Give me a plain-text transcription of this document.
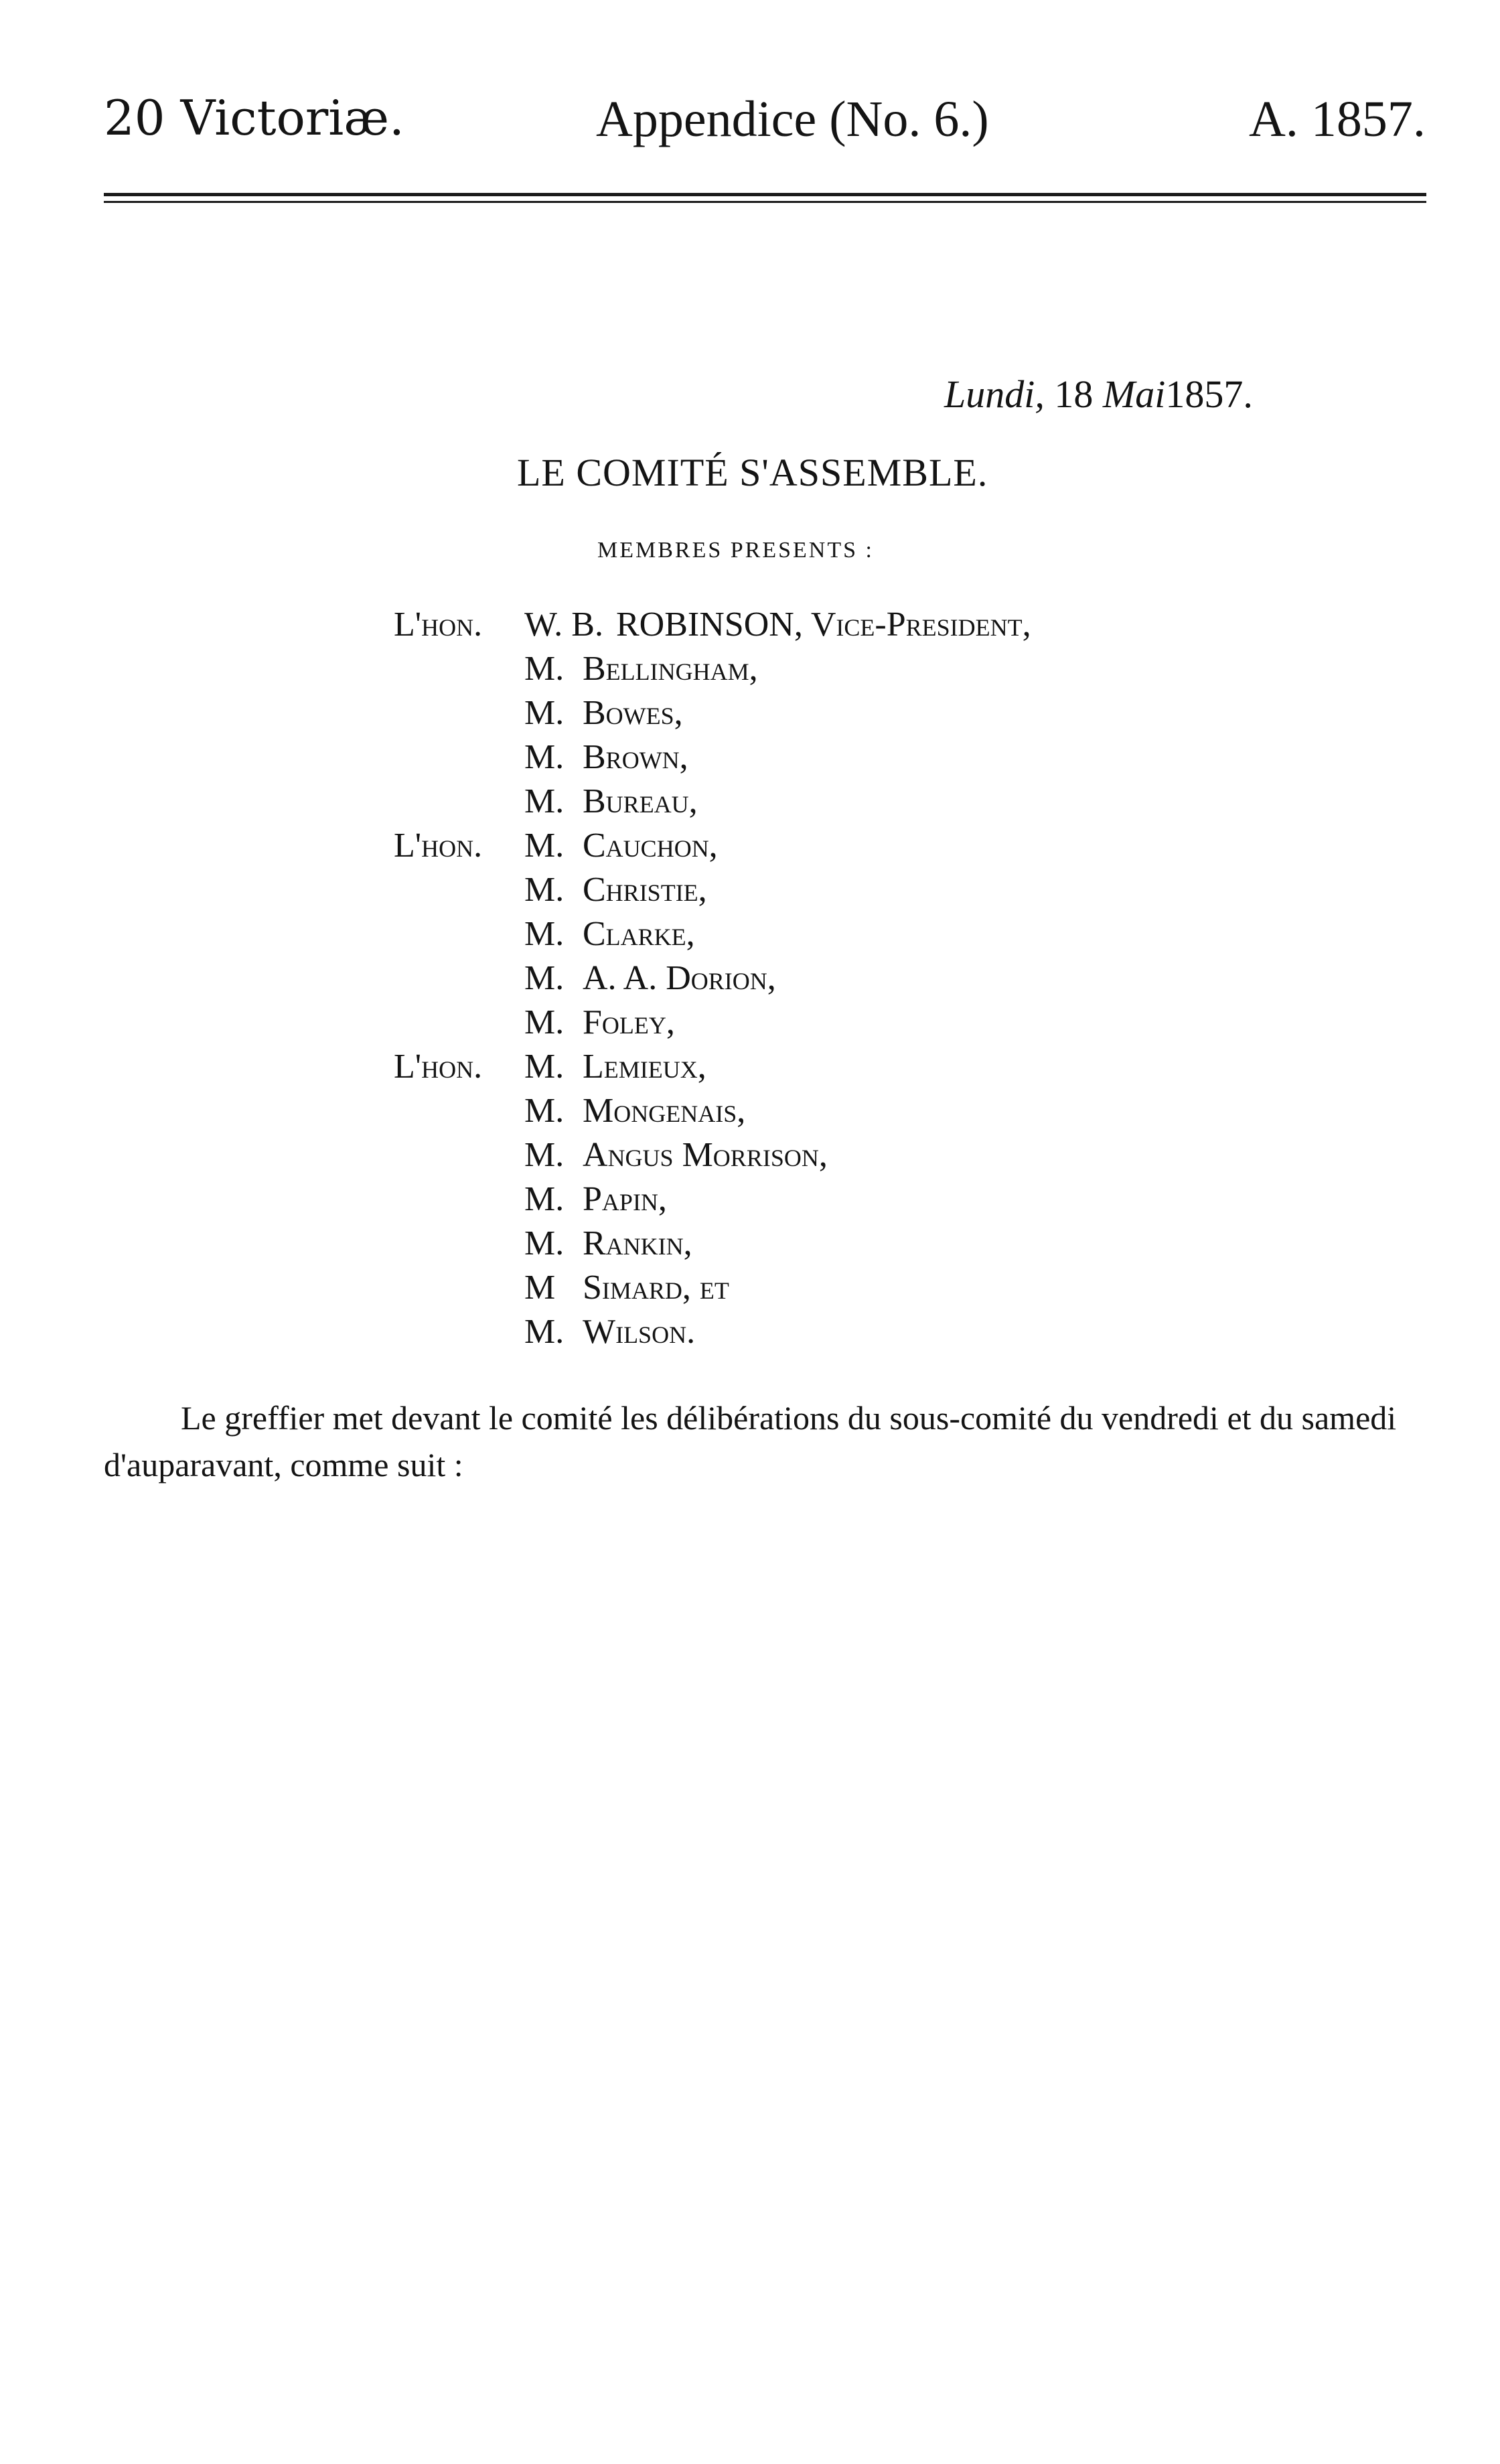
20 Victoriæ.	Appendice (No. 6.)	A. 1857.
Lundi, 18 Mai1857.
LE COMITÉ S'ASSEMBLE.
MEMBRES PRESENTS :
L'hon. W. B. ROBINSON, Vice-President,
M. Bellingham,
M. Bowes,
M. Brown,
M. Bureau,
L'hon. M. Cauchon,
M. Christie,
M. Clarke,
M. A. A. Dorion,
M. Foley,
L'hon. M. Lemieux,
M. Mongenais,
M. Angus Morrison,
M. Papin,
M. Rankin,
M Simard, et
M. Wilson.
Le greffier met devant le comité les délibérations du sous-comité du vendredi et du samedi d'auparavant, comme suit :
